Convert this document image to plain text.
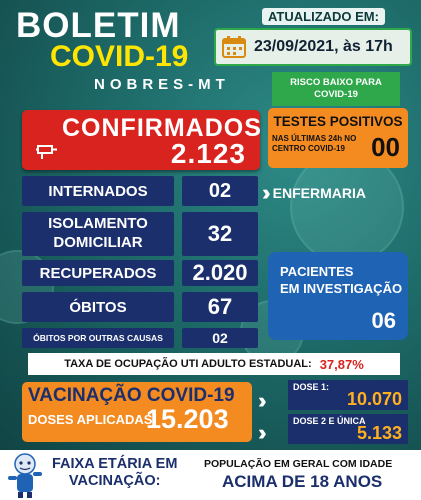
BOLETIM
COVID-19
NOBRES-MT
ATUALIZADO EM:
23/09/2021, às 17h
RISCO BAIXO PARA
COVID-19
CONFIRMADOS
2.123
TESTES POSITIVOS
NAS ÚLTIMAS 24h NO
CENTRO COVID-19	00
INTERNADOS	02	›› ENFERMARIA
ISOLAMENTO
DOMICILIAR	32
RECUPERADOS	2.020
ÓBITOS	67
ÓBITOS POR OUTRAS CAUSAS	02
PACIENTES
EM INVESTIGAÇÃO
06
TAXA DE OCUPAÇÃO UTI ADULTO ESTADUAL: 37,87%
VACINAÇÃO COVID-19
DOSES APLICADAS
15.203
››
››
DOSE 1:
10.070
DOSE 2 E ÚNICA
5.133
FAIXA ETÁRIA EM
VACINAÇÃO:
POPULAÇÃO EM GERAL COM IDADE
ACIMA DE 18 ANOS
